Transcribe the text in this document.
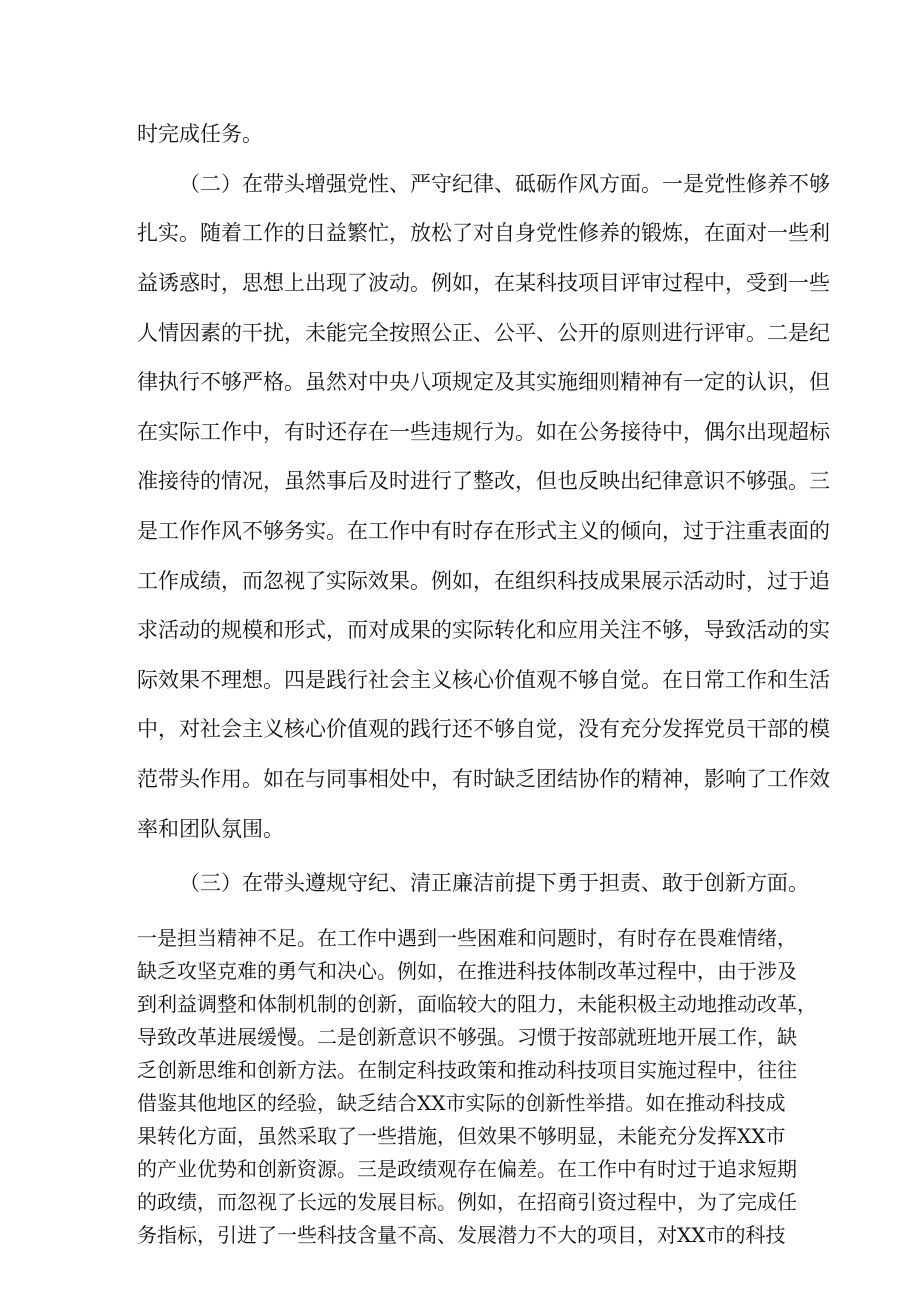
时完成任务。
（二）在带头增强党性、严守纪律、砥砺作风方面。一是党性修养不够
扎实。随着工作的日益繁忙，放松了对自身党性修养的锻炼，在面对一些利
益诱惑时，思想上出现了波动。例如，在某科技项目评审过程中，受到一些
人情因素的干扰，未能完全按照公正、公平、公开的原则进行评审。二是纪
律执行不够严格。虽然对中央八项规定及其实施细则精神有一定的认识，但
在实际工作中，有时还存在一些违规行为。如在公务接待中，偶尔出现超标
准接待的情况，虽然事后及时进行了整改，但也反映出纪律意识不够强。三
是工作作风不够务实。在工作中有时存在形式主义的倾向，过于注重表面的
工作成绩，而忽视了实际效果。例如，在组织科技成果展示活动时，过于追
求活动的规模和形式，而对成果的实际转化和应用关注不够，导致活动的实
际效果不理想。四是践行社会主义核心价值观不够自觉。在日常工作和生活
中，对社会主义核心价值观的践行还不够自觉，没有充分发挥党员干部的模
范带头作用。如在与同事相处中，有时缺乏团结协作的精神，影响了工作效
率和团队氛围。
（三）在带头遵规守纪、清正廉洁前提下勇于担责、敢于创新方面。
一是担当精神不足。在工作中遇到一些困难和问题时，有时存在畏难情绪，
缺乏攻坚克难的勇气和决心。例如，在推进科技体制改革过程中，由于涉及
到利益调整和体制机制的创新，面临较大的阻力，未能积极主动地推动改革，
导致改革进展缓慢。二是创新意识不够强。习惯于按部就班地开展工作，缺
乏创新思维和创新方法。在制定科技政策和推动科技项目实施过程中，往往
借鉴其他地区的经验，缺乏结合XX市实际的创新性举措。如在推动科技成
果转化方面，虽然采取了一些措施，但效果不够明显，未能充分发挥XX市
的产业优势和创新资源。三是政绩观存在偏差。在工作中有时过于追求短期
的政绩，而忽视了长远的发展目标。例如，在招商引资过程中，为了完成任
务指标，引进了一些科技含量不高、发展潜力不大的项目，对XX市的科技
